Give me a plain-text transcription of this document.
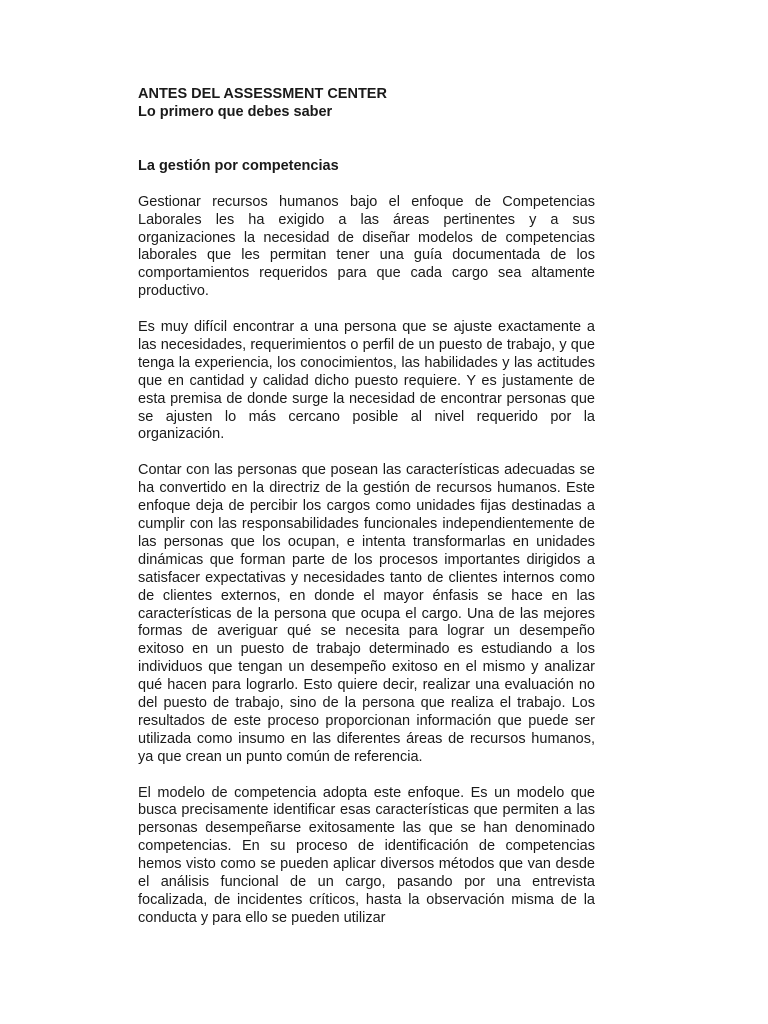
ANTES DEL ASSESSMENT CENTER

Lo primero que debes saber

La gestión por competencias

Gestionar recursos humanos bajo el enfoque de Competencias Laborales les ha exigido a las áreas pertinentes y a sus organizaciones la necesidad de diseñar modelos de competencias laborales que les permitan tener una guía documentada de los comportamientos requeridos para que cada cargo sea altamente productivo.

Es muy difícil encontrar a una persona que se ajuste exactamente a las necesidades, requerimientos o perfil de un puesto de trabajo, y que tenga la experiencia, los conocimientos, las habilidades y las actitudes que en cantidad y calidad dicho puesto requiere. Y es justamente de esta premisa de donde surge la necesidad de encontrar personas que se ajusten lo más cercano posible al nivel requerido por la organización.

Contar con las personas que posean las características adecuadas se ha convertido en la directriz de la gestión de recursos humanos. Este enfoque deja de percibir los cargos como unidades fijas destinadas a cumplir con las responsabilidades funcionales independientemente de las personas que los ocupan, e intenta transformarlas en unidades dinámicas que forman parte de los procesos importantes dirigidos a satisfacer expectativas y necesidades tanto de clientes internos como de clientes externos, en donde el mayor énfasis se hace en las características de la persona que ocupa el cargo. Una de las mejores formas de averiguar qué se necesita para lograr un desempeño exitoso en un puesto de trabajo determinado es estudiando a los individuos que tengan un desempeño exitoso en el mismo y analizar qué hacen para lograrlo. Esto quiere decir, realizar una evaluación no del puesto de trabajo, sino de la persona que realiza el trabajo. Los resultados de este proceso proporcionan información que puede ser utilizada como insumo en las diferentes áreas de recursos humanos, ya que crean un punto común de referencia.

El modelo de competencia adopta este enfoque. Es un modelo que busca precisamente identificar esas características que permiten a las personas desempeñarse exitosamente las que se han denominado competencias. En su proceso de identificación de competencias hemos visto como se pueden aplicar diversos métodos que van desde el análisis funcional de un cargo, pasando por una entrevista focalizada, de incidentes críticos, hasta la observación misma de la conducta y para ello se pueden utilizar
